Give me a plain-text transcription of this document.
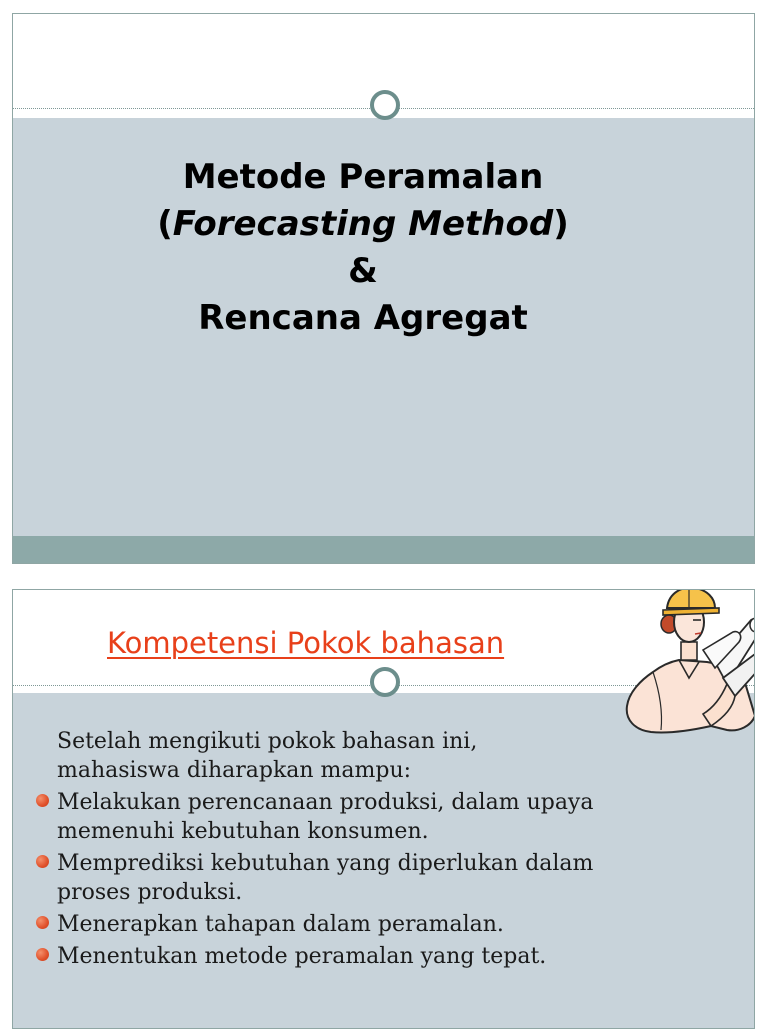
Metode Peramalan
(Forecasting Method)
&
Rencana Agregat
Kompetensi Pokok bahasan

Setelah mengikuti pokok bahasan ini, mahasiswa diharapkan mampu:

Melakukan perencanaan produksi, dalam upaya memenuhi kebutuhan konsumen.
Memprediksi kebutuhan yang diperlukan dalam proses produksi.
Menerapkan tahapan dalam peramalan.
Menentukan metode peramalan yang tepat.
